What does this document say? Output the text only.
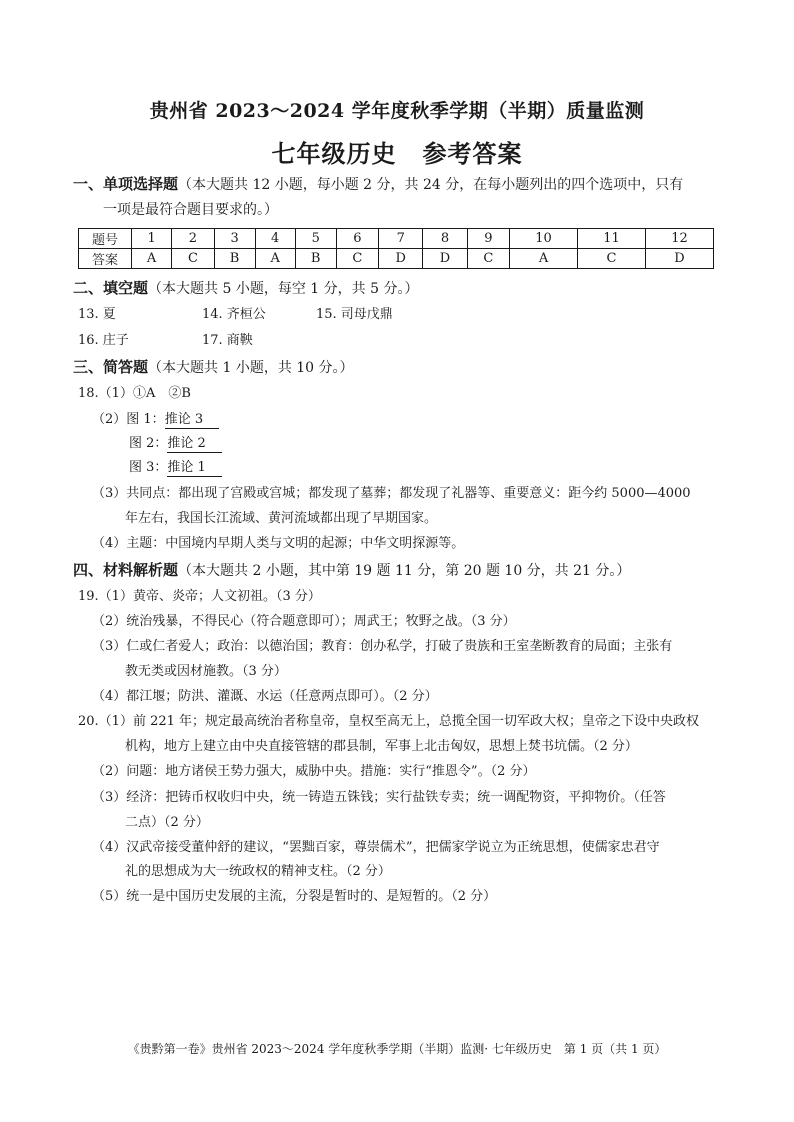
贵州省 2023～2024 学年度秋季学期（半期）质量监测
七年级历史 参考答案
一、单项选择题（本大题共 12 小题，每小题 2 分，共 24 分，在每小题列出的四个选项中，只有
一项是最符合题目要求的。）
题号	1	2	3	4	5	6	7	8	9	10	11	12
答案	A	C	B	A	B	C	D	D	C	A	C	D
二、填空题（本大题共 5 小题，每空 1 分，共 5 分。）
13. 夏	14. 齐桓公	15. 司母戊鼎
16. 庄子	17. 商鞅
三、简答题（本大题共 1 小题，共 10 分。）
18.（1）①A　②B
（2）图 1：推论 3
图 2：推论 2
图 3：推论 1
（3）共同点：都出现了宫殿或宫城；都发现了墓葬；都发现了礼器等、重要意义：距今约 5000—4000
年左右，我国长江流域、黄河流域都出现了早期国家。
（4）主题：中国境内早期人类与文明的起源；中华文明探源等。
四、材料解析题（本大题共 2 小题，其中第 19 题 11 分，第 20 题 10 分，共 21 分。）
19.（1）黄帝、炎帝；人文初祖。（3 分）
（2）统治残暴，不得民心（符合题意即可）；周武王；牧野之战。（3 分）
（3）仁或仁者爱人；政治：以德治国；教育：创办私学，打破了贵族和王室垄断教育的局面；主张有
教无类或因材施教。（3 分）
（4）都江堰；防洪、灌溉、水运（任意两点即可）。（2 分）
20.（1）前 221 年；规定最高统治者称皇帝，皇权至高无上，总揽全国一切军政大权；皇帝之下设中央政权
机构，地方上建立由中央直接管辖的郡县制，军事上北击匈奴，思想上焚书坑儒。（2 分）
（2）问题：地方诸侯王势力强大，威胁中央。措施：实行“推恩令”。（2 分）
（3）经济：把铸币权收归中央，统一铸造五铢钱；实行盐铁专卖；统一调配物资，平抑物价。（任答
二点）（2 分）
（4）汉武帝接受董仲舒的建议，“罢黜百家，尊崇儒术”，把儒家学说立为正统思想，使儒家忠君守
礼的思想成为大一统政权的精神支柱。（2 分）
（5）统一是中国历史发展的主流，分裂是暂时的、是短暂的。（2 分）
《贵黔第一卷》贵州省 2023～2024 学年度秋季学期（半期）监测· 七年级历史　第 1 页（共 1 页）
